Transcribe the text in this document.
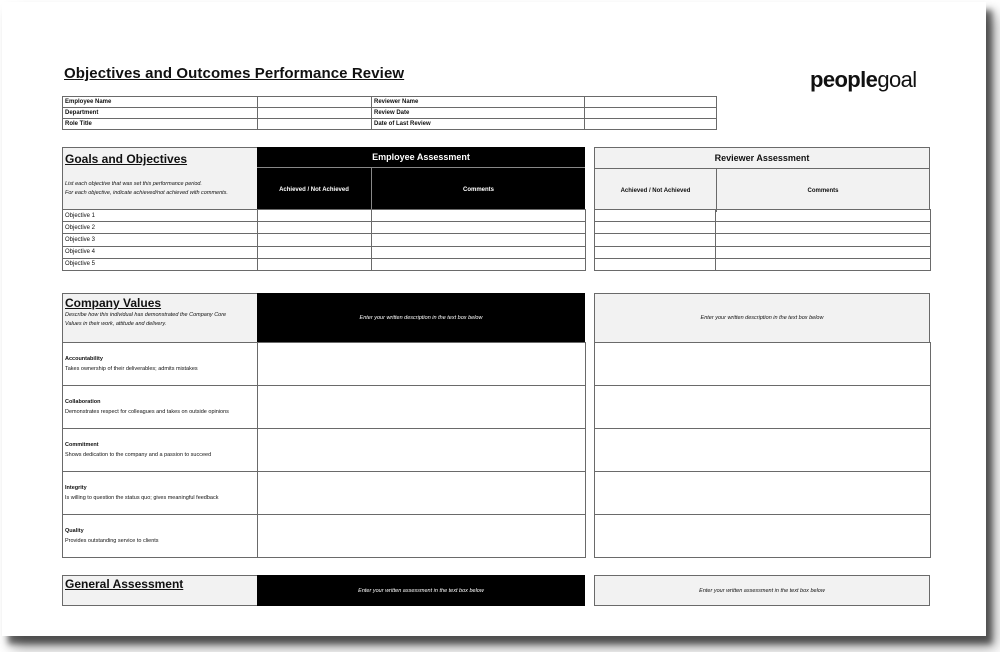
Objectives and Outcomes Performance Review	peoplegoal
Employee Name		Reviewer Name	
Department		Review Date	
Role Title		Date of Last Review	
Goals and Objectives
List each objective that was set this performance period.
For each objective, indicate achieved/not achieved with comments.
Employee Assessment
Achieved / Not Achieved	Comments
Reviewer Assessment
Achieved / Not Achieved	Comments
Objective 1		
Objective 2		
Objective 3		
Objective 4		
Objective 5		

Company Values
Describe how this individual has demonstrated the Company Core
Values in their work, attitude and delivery.
Enter your written description in the text box below	Enter your written description in the text box below
Accountability
Takes ownership of their deliverables; admits mistakes	

Collaboration
Demonstrates respect for colleagues and takes on outside opinions	

Commitment
Shows dedication to the company and a passion to succeed	

Integrity
Is willing to question the status quo; gives meaningful feedback	

Quality
Provides outstanding service to clients	

General Assessment	Enter your written assessment in the text box below	Enter your written assessment in the text box below
